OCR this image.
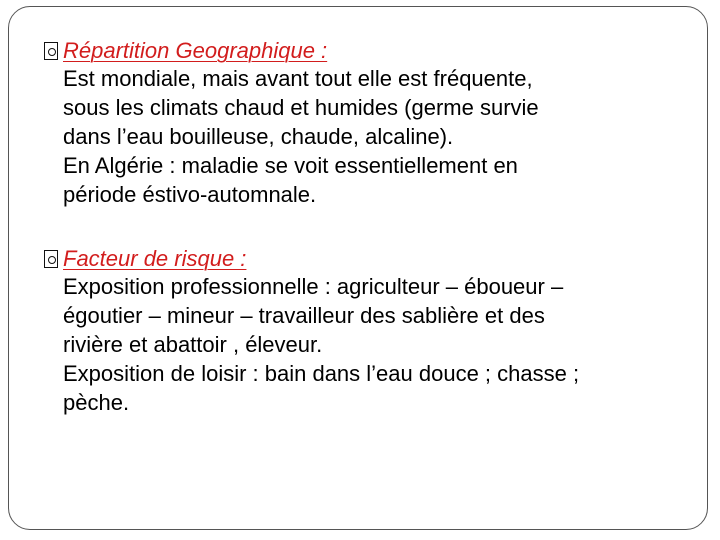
Répartition Geographique :
Est mondiale, mais avant tout elle est fréquente,
sous les climats chaud et humides (germe survie
dans l’eau bouilleuse, chaude, alcaline).
En Algérie : maladie se voit essentiellement en
période éstivo-automnale.
Facteur de risque :
Exposition professionnelle : agriculteur – éboueur –
égoutier – mineur – travailleur des sablière et des
rivière et abattoir , éleveur.
Exposition de loisir : bain dans l’eau douce ; chasse ;
pèche.
